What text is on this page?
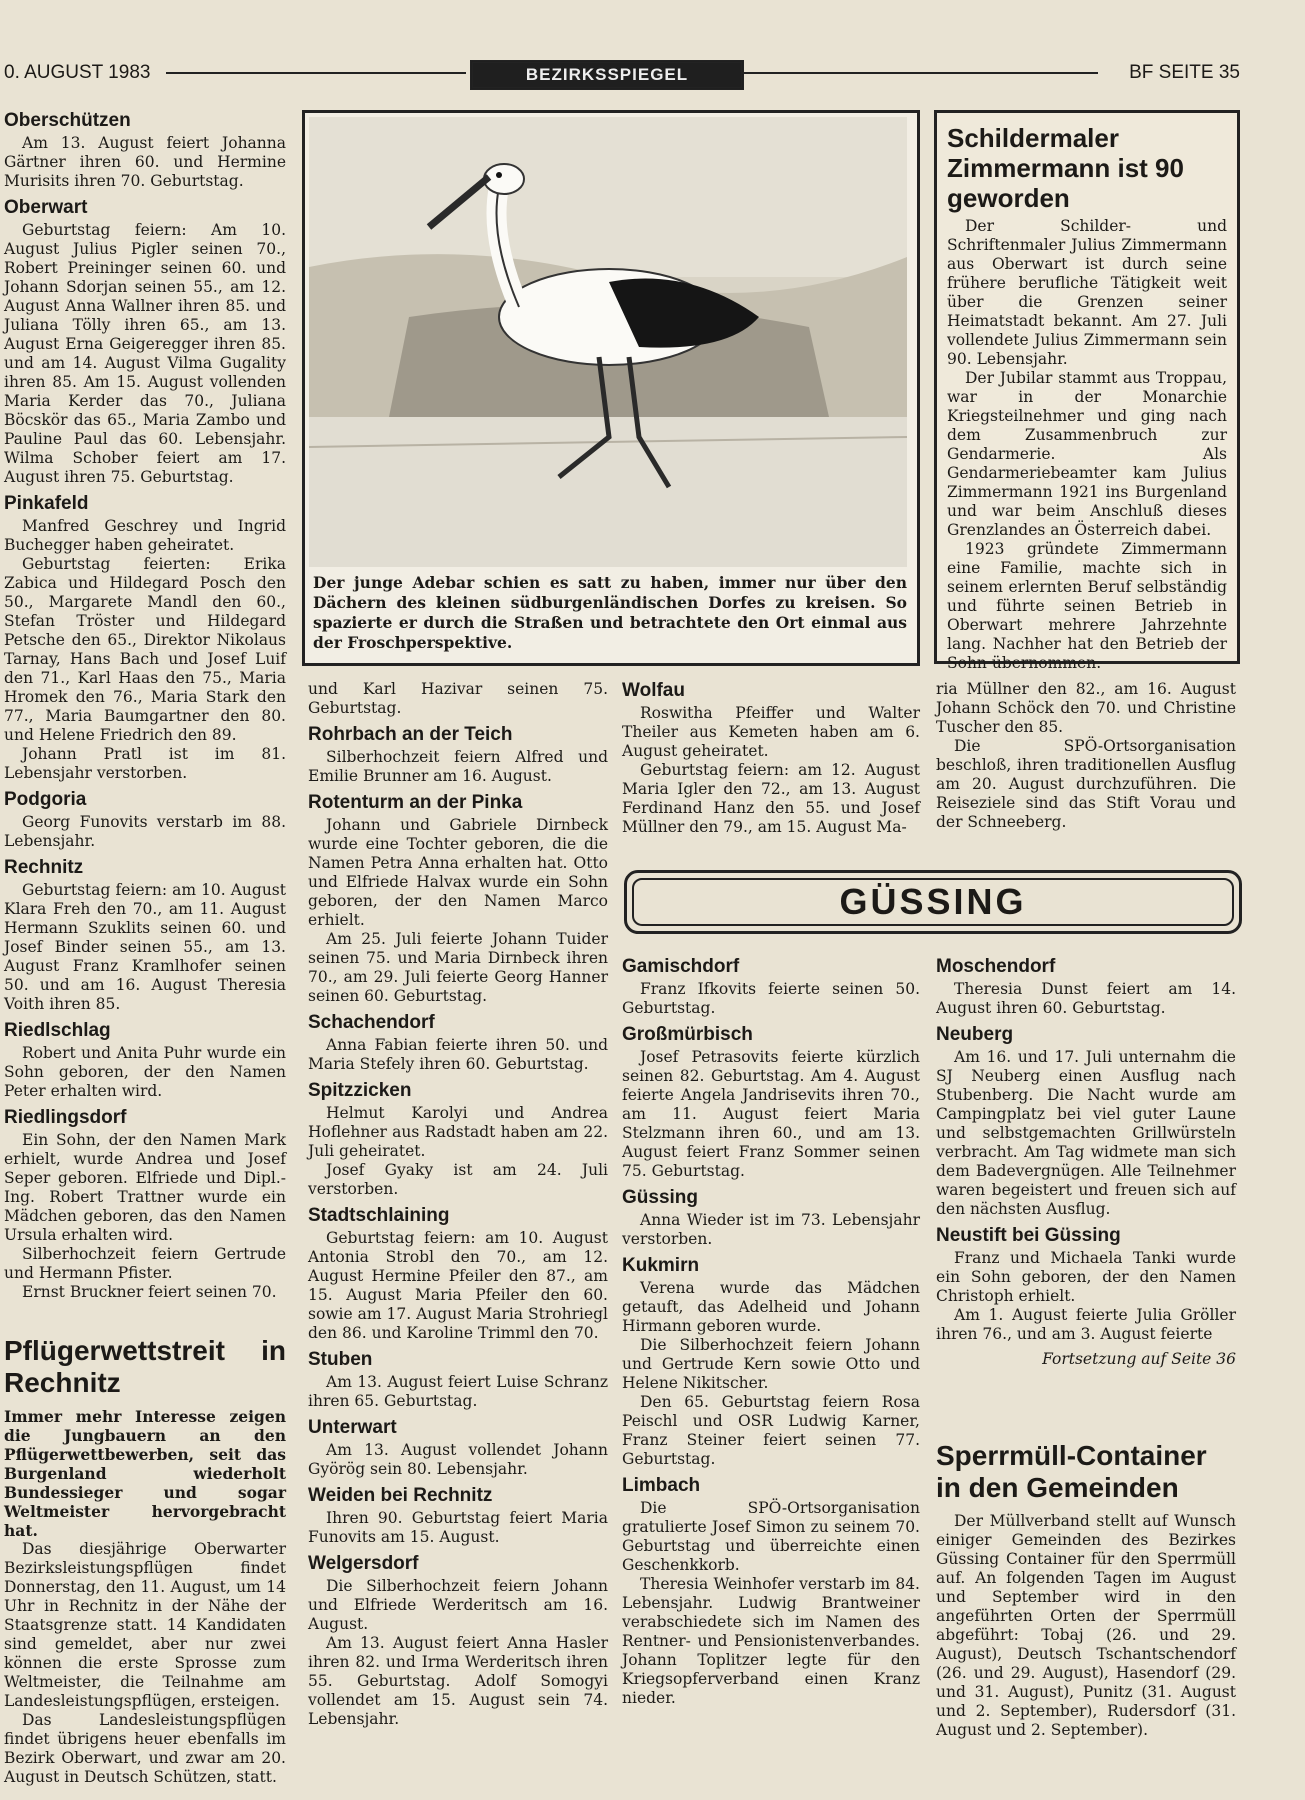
0. AUGUST 1983	BEZIRKSSPIEGEL	BF SEITE 35
Oberschützen

Am 13. August feiert Johanna Gärtner ihren 60. und Hermine Murisits ihren 70. Geburtstag.

Oberwart

Geburtstag feiern: Am 10. August Julius Pigler seinen 70., Robert Preininger seinen 60. und Johann Sdorjan seinen 55., am 12. August Anna Wallner ihren 85. und Juliana Tölly ihren 65., am 13. August Erna Geigeregger ihren 85. und am 14. August Vilma Gugality ihren 85. Am 15. August vollenden Maria Kerder das 70., Juliana Böcskör das 65., Maria Zambo und Pauline Paul das 60. Lebensjahr. Wilma Schober feiert am 17. August ihren 75. Geburtstag.

Pinkafeld

Manfred Geschrey und Ingrid Buchegger haben geheiratet.

Geburtstag feierten: Erika Zabica und Hildegard Posch den 50., Margarete Mandl den 60., Stefan Tröster und Hildegard Petsche den 65., Direktor Nikolaus Tarnay, Hans Bach und Josef Luif den 71., Karl Haas den 75., Maria Hromek den 76., Maria Stark den 77., Maria Baumgartner den 80. und Helene Friedrich den 89.

Johann Pratl ist im 81. Lebensjahr verstorben.

Podgoria

Georg Funovits verstarb im 88. Lebensjahr.

Rechnitz

Geburtstag feiern: am 10. August Klara Freh den 70., am 11. August Hermann Szuklits seinen 60. und Josef Binder seinen 55., am 13. August Franz Kramlhofer seinen 50. und am 16. August Theresia Voith ihren 85.

Riedlschlag

Robert und Anita Puhr wurde ein Sohn geboren, der den Namen Peter erhalten wird.

Riedlingsdorf

Ein Sohn, der den Namen Mark erhielt, wurde Andrea und Josef Seper geboren. Elfriede und Dipl.-Ing. Robert Trattner wurde ein Mädchen geboren, das den Namen Ursula erhalten wird.

Silberhochzeit feiern Gertrude und Hermann Pfister.

Ernst Bruckner feiert seinen 70.

Pflügerwettstreit in Rechnitz

Immer mehr Interesse zeigen die Jungbauern an den Pflügerwettbewerben, seit das Burgenland wiederholt Bundessieger und sogar Weltmeister hervorgebracht hat.

Das diesjährige Oberwarter Bezirksleistungspflügen findet Donnerstag, den 11. August, um 14 Uhr in Rechnitz in der Nähe der Staatsgrenze statt. 14 Kandidaten sind gemeldet, aber nur zwei können die erste Sprosse zum Weltmeister, die Teilnahme am Landesleistungspflügen, ersteigen.

Das Landesleistungspflügen findet übrigens heuer ebenfalls im Bezirk Oberwart, und zwar am 20. August in Deutsch Schützen, statt.

Der junge Adebar schien es satt zu haben, immer nur über den Dächern des kleinen südburgenländischen Dorfes zu kreisen. So spazierte er durch die Straßen und betrachtete den Ort einmal aus der Froschperspektive.
Schildermaler Zimmermann ist 90 geworden

Der Schilder- und Schriftenmaler Julius Zimmermann aus Oberwart ist durch seine frühere berufliche Tätigkeit weit über die Grenzen seiner Heimatstadt bekannt. Am 27. Juli vollendete Julius Zimmermann sein 90. Lebensjahr.

Der Jubilar stammt aus Troppau, war in der Monarchie Kriegsteilnehmer und ging nach dem Zusammenbruch zur Gendarmerie. Als Gendarmeriebeamter kam Julius Zimmermann 1921 ins Burgenland und war beim Anschluß dieses Grenzlandes an Österreich dabei.

1923 gründete Zimmermann eine Familie, machte sich in seinem erlernten Beruf selbständig und führte seinen Betrieb in Oberwart mehrere Jahrzehnte lang. Nachher hat den Betrieb der Sohn übernommen.

und Karl Hazivar seinen 75. Geburtstag.

Rohrbach an der Teich

Silberhochzeit feiern Alfred und Emilie Brunner am 16. August.

Rotenturm an der Pinka

Johann und Gabriele Dirnbeck wurde eine Tochter geboren, die die Namen Petra Anna erhalten hat. Otto und Elfriede Halvax wurde ein Sohn geboren, der den Namen Marco erhielt.

Am 25. Juli feierte Johann Tuider seinen 75. und Maria Dirnbeck ihren 70., am 29. Juli feierte Georg Hanner seinen 60. Geburtstag.

Schachendorf

Anna Fabian feierte ihren 50. und Maria Stefely ihren 60. Geburtstag.

Spitzzicken

Helmut Karolyi und Andrea Hoflehner aus Radstadt haben am 22. Juli geheiratet.

Josef Gyaky ist am 24. Juli verstorben.

Stadtschlaining

Geburtstag feiern: am 10. August Antonia Strobl den 70., am 12. August Hermine Pfeiler den 87., am 15. August Maria Pfeiler den 60. sowie am 17. August Maria Strohriegl den 86. und Karoline Trimml den 70.

Stuben

Am 13. August feiert Luise Schranz ihren 65. Geburtstag.

Unterwart

Am 13. August vollendet Johann Györög sein 80. Lebensjahr.

Weiden bei Rechnitz

Ihren 90. Geburtstag feiert Maria Funovits am 15. August.

Welgersdorf

Die Silberhochzeit feiern Johann und Elfriede Werderitsch am 16. August.

Am 13. August feiert Anna Hasler ihren 82. und Irma Werderitsch ihren 55. Geburtstag. Adolf Somogyi vollendet am 15. August sein 74. Lebensjahr.

Wolfau

Roswitha Pfeiffer und Walter Theiler aus Kemeten haben am 6. August geheiratet.

Geburtstag feiern: am 12. August Maria Igler den 72., am 13. August Ferdinand Hanz den 55. und Josef Müllner den 79., am 15. August Ma-

ria Müllner den 82., am 16. August Johann Schöck den 70. und Christine Tuscher den 85.

Die SPÖ-Ortsorganisation beschloß, ihren traditionellen Ausflug am 20. August durchzuführen. Die Reiseziele sind das Stift Vorau und der Schneeberg.

GÜSSING
Gamischdorf

Franz Ifkovits feierte seinen 50. Geburtstag.

Großmürbisch

Josef Petrasovits feierte kürzlich seinen 82. Geburtstag. Am 4. August feierte Angela Jandrisevits ihren 70., am 11. August feiert Maria Stelzmann ihren 60., und am 13. August feiert Franz Sommer seinen 75. Geburtstag.

Güssing

Anna Wieder ist im 73. Lebensjahr verstorben.

Kukmirn

Verena wurde das Mädchen getauft, das Adelheid und Johann Hirmann geboren wurde.

Die Silberhochzeit feiern Johann und Gertrude Kern sowie Otto und Helene Nikitscher.

Den 65. Geburtstag feiern Rosa Peischl und OSR Ludwig Karner, Franz Steiner feiert seinen 77. Geburtstag.

Limbach

Die SPÖ-Ortsorganisation gratulierte Josef Simon zu seinem 70. Geburtstag und überreichte einen Geschenkkorb.

Theresia Weinhofer verstarb im 84. Lebensjahr. Ludwig Brantweiner verabschiedete sich im Namen des Rentner- und Pensionistenverbandes. Johann Toplitzer legte für den Kriegsopferverband einen Kranz nieder.

Moschendorf

Theresia Dunst feiert am 14. August ihren 60. Geburtstag.

Neuberg

Am 16. und 17. Juli unternahm die SJ Neuberg einen Ausflug nach Stubenberg. Die Nacht wurde am Campingplatz bei viel guter Laune und selbstgemachten Grillwürsteln verbracht. Am Tag widmete man sich dem Badevergnügen. Alle Teilnehmer waren begeistert und freuen sich auf den nächsten Ausflug.

Neustift bei Güssing

Franz und Michaela Tanki wurde ein Sohn geboren, der den Namen Christoph erhielt.

Am 1. August feierte Julia Gröller ihren 76., und am 3. August feierte

Fortsetzung auf Seite 36

Sperrmüll-Container in den Gemeinden

Der Müllverband stellt auf Wunsch einiger Gemeinden des Bezirkes Güssing Container für den Sperrmüll auf. An folgenden Tagen im August und September wird in den angeführten Orten der Sperrmüll abgeführt: Tobaj (26. und 29. August), Deutsch Tschantschendorf (26. und 29. August), Hasendorf (29. und 31. August), Punitz (31. August und 2. September), Rudersdorf (31. August und 2. September).
